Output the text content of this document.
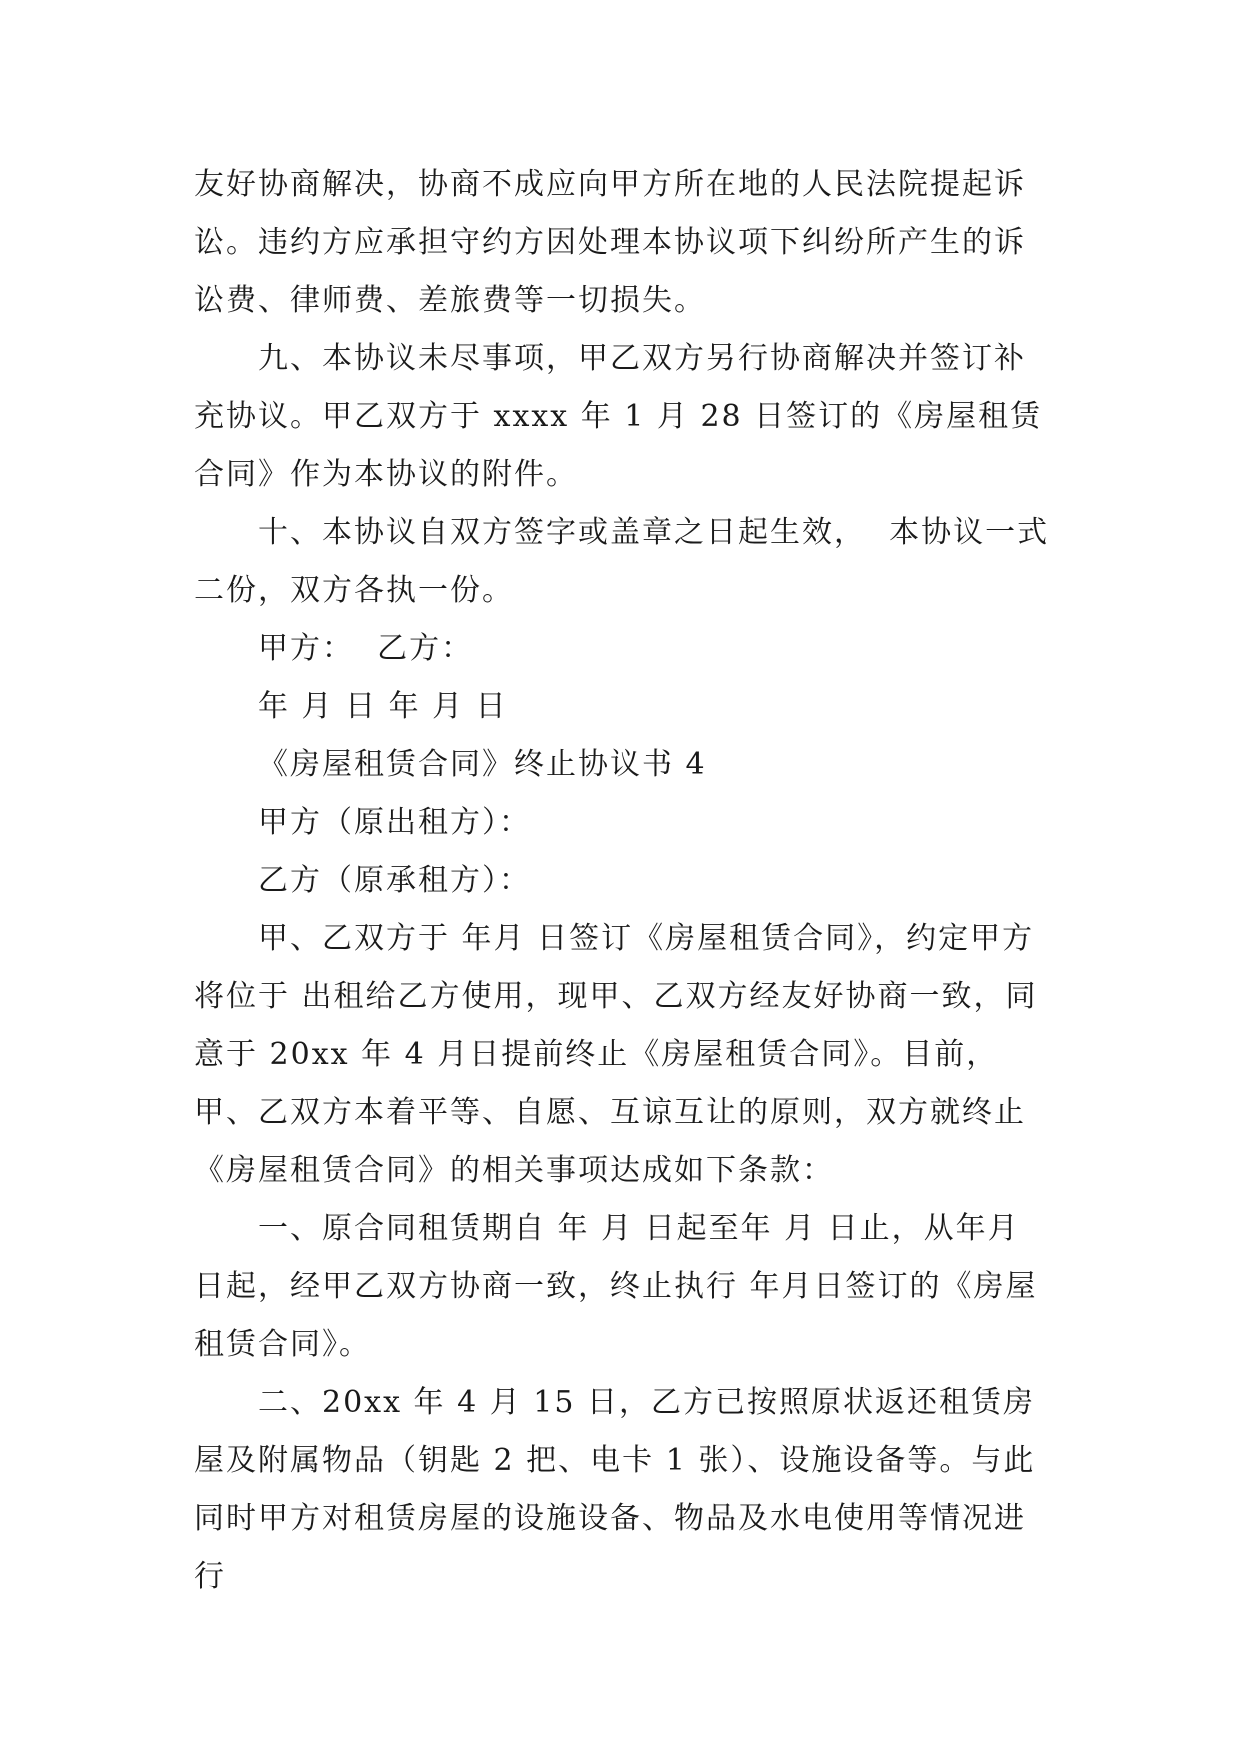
友好协商解决，协商不成应向甲方所在地的人民法院提起诉讼。违约方应承担守约方因处理本协议项下纠纷所产生的诉讼费、律师费、差旅费等一切损失。

九、本协议未尽事项，甲乙双方另行协商解决并签订补充协议。甲乙双方于 xxxx 年 1 月 28 日签订的《房屋租赁合同》作为本协议的附件。

十、本协议自双方签字或盖章之日起生效，  本协议一式二份，双方各执一份。

甲方：  乙方：

年 月 日 年 月 日

《房屋租赁合同》终止协议书 4

甲方（原出租方）：

乙方（原承租方）：

甲、乙双方于 年月 日签订《房屋租赁合同》，约定甲方将位于 出租给乙方使用，现甲、乙双方经友好协商一致，同意于 20xx 年 4 月日提前终止《房屋租赁合同》。目前，甲、乙双方本着平等、自愿、互谅互让的原则，双方就终止《房屋租赁合同》的相关事项达成如下条款：

一、原合同租赁期自 年 月 日起至年 月 日止，从年月 日起，经甲乙双方协商一致，终止执行 年月日签订的《房屋租赁合同》。

二、20xx 年 4 月 15 日，乙方已按照原状返还租赁房屋及附属物品（钥匙 2 把、电卡 1 张）、设施设备等。与此同时甲方对租赁房屋的设施设备、物品及水电使用等情况进行
